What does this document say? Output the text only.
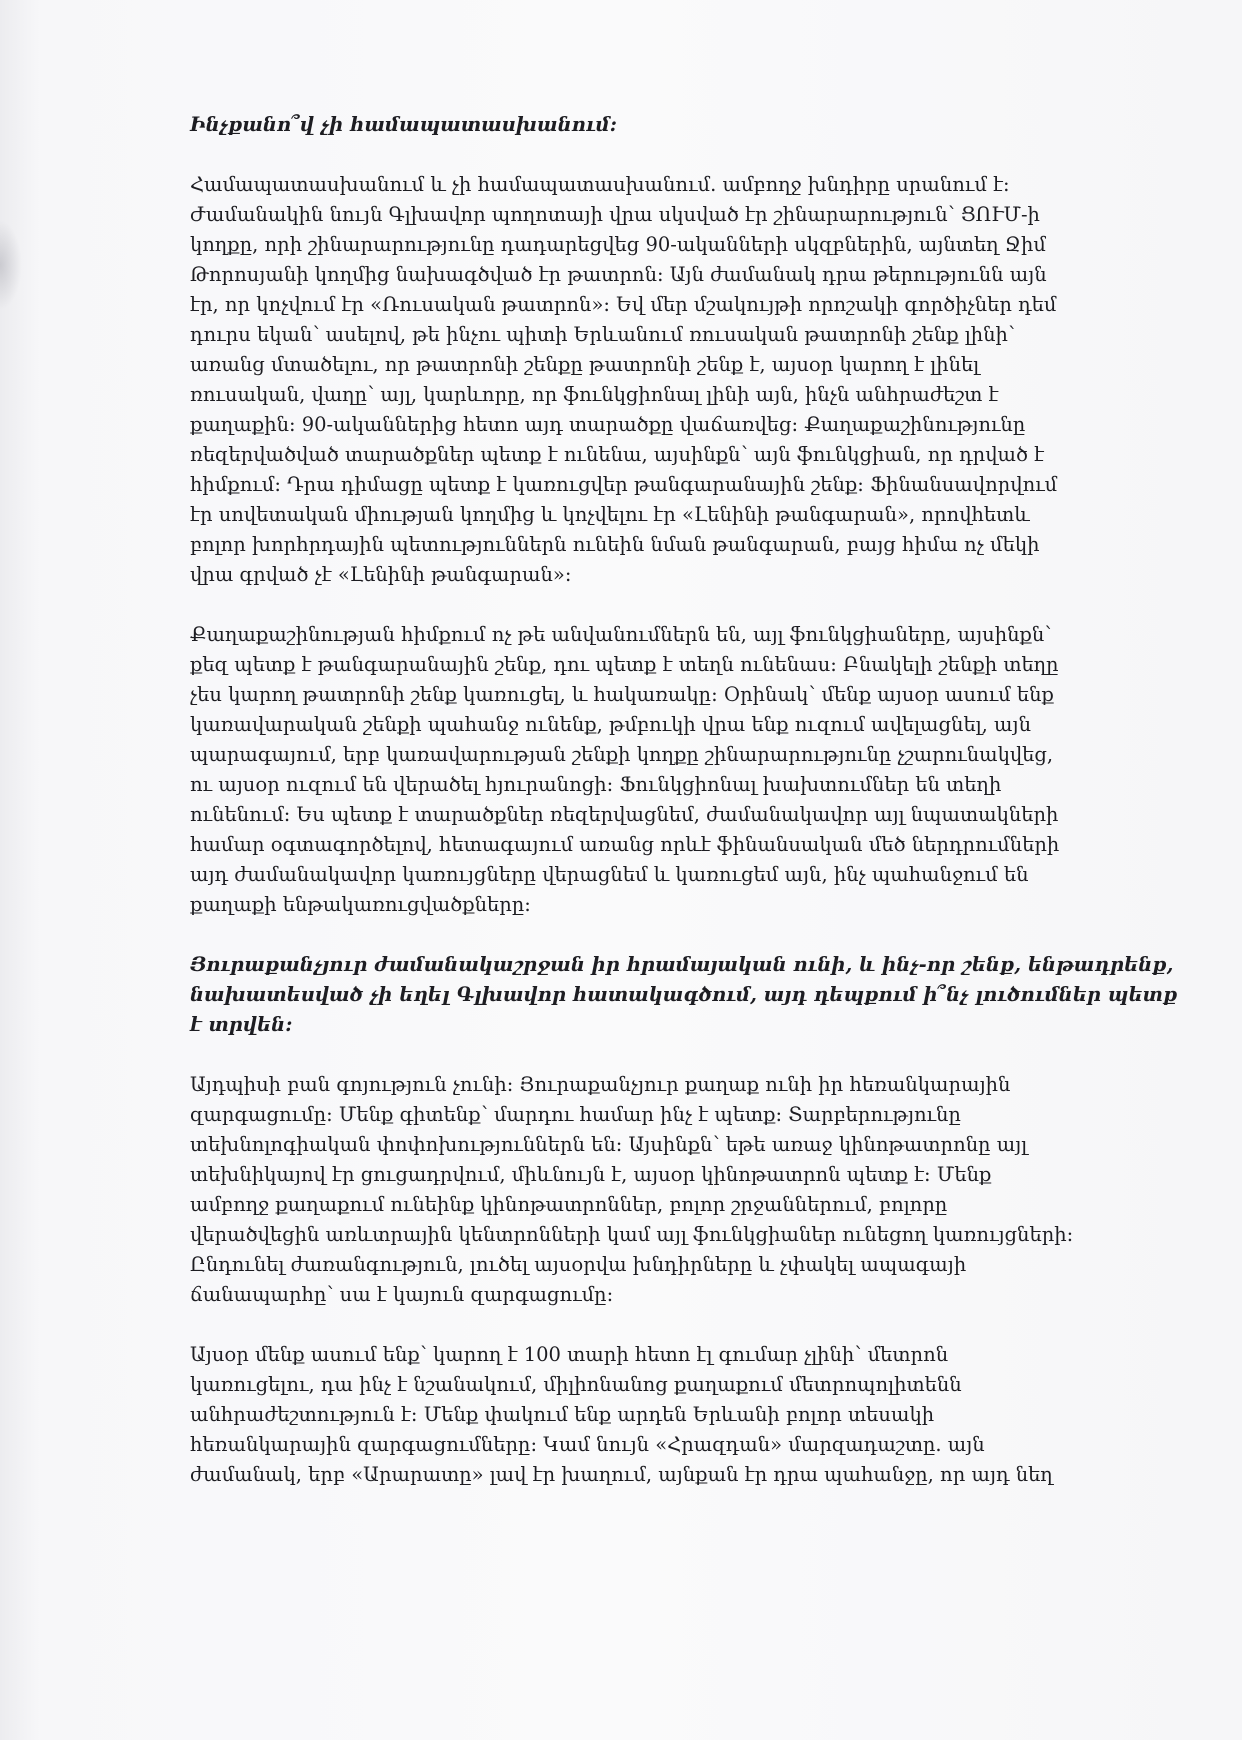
Ինչքանո՞վ չի համապատասխանում:

Համապատասխանում և չի համապատասխանում. ամբողջ խնդիրը սրանում է:

Ժամանակին նույն Գլխավոր պողոտայի վրա սկսված էր շինարարություն՝ ՑՈՒՄ-ի

կողքը, որի շինարարությունը դադարեցվեց 90-ականների սկզբներին, այնտեղ Ջիմ

Թորոսյանի կողմից նախագծված էր թատրոն: Այն ժամանակ դրա թերությունն այն

էր, որ կոչվում էր «Ռուսական թատրոն»: Եվ մեր մշակույթի որոշակի գործիչներ դեմ

դուրս եկան՝ ասելով, թե ինչու պիտի Երևանում ռուսական թատրոնի շենք լինի՝

առանց մտածելու, որ թատրոնի շենքը թատրոնի շենք է, այսօր կարող է լինել

ռուսական, վաղը՝ այլ, կարևորը, որ ֆունկցիոնալ լինի այն, ինչն անհրաժեշտ է

քաղաքին: 90-ականներից հետո այդ տարածքը վաճառվեց: Քաղաքաշինությունը

ռեզերվածված տարածքներ պետք է ունենա, այսինքն՝ այն ֆունկցիան, որ դրված է

հիմքում: Դրա դիմացը պետք է կառուցվեր թանգարանային շենք: Ֆինանսավորվում

էր սովետական միության կողմից և կոչվելու էր «Լենինի թանգարան», որովհետև

բոլոր խորհրդային պետություններն ունեին նման թանգարան, բայց հիմա ոչ մեկի

վրա գրված չէ «Լենինի թանգարան»:

Քաղաքաշինության հիմքում ոչ թե անվանումներն են, այլ ֆունկցիաները, այսինքն՝

քեզ պետք է թանգարանային շենք, դու պետք է տեղն ունենաս: Բնակելի շենքի տեղը

չես կարող թատրոնի շենք կառուցել, և հակառակը: Օրինակ՝ մենք այսօր ասում ենք

կառավարական շենքի պահանջ ունենք, թմբուկի վրա ենք ուզում ավելացնել, այն

պարագայում, երբ կառավարության շենքի կողքը շինարարությունը չշարունակվեց,

ու այսօր ուզում են վերածել հյուրանոցի: Ֆունկցիոնալ խախտումներ են տեղի

ունենում: Ես պետք է տարածքներ ռեզերվացնեմ, ժամանակավոր այլ նպատակների

համար օգտագործելով, հետագայում առանց որևէ ֆինանսական մեծ ներդրումների

այդ ժամանակավոր կառույցները վերացնեմ և կառուցեմ այն, ինչ պահանջում են

քաղաքի ենթակառուցվածքները:

Յուրաքանչյուր ժամանակաշրջան իր հրամայական ունի, և ինչ-որ շենք, ենթադրենք,

նախատեսված չի եղել Գլխավոր հատակագծում, այդ դեպքում ի՞նչ լուծումներ պետք

է տրվեն:

Այդպիսի բան գոյություն չունի: Յուրաքանչյուր քաղաք ունի իր հեռանկարային

զարգացումը: Մենք գիտենք՝ մարդու համար ինչ է պետք: Տարբերությունը

տեխնոլոգիական փոփոխություններն են: Այսինքն՝ եթե առաջ կինոթատրոնը այլ

տեխնիկայով էր ցուցադրվում, միևնույն է, այսօր կինոթատրոն պետք է: Մենք

ամբողջ քաղաքում ունեինք կինոթատրոններ, բոլոր շրջաններում, բոլորը

վերածվեցին առևտրային կենտրոնների կամ այլ ֆունկցիաներ ունեցող կառույցների:

Ընդունել ժառանգություն, լուծել այսօրվա խնդիրները և չփակել ապագայի

ճանապարհը՝ սա է կայուն զարգացումը:

Այսօր մենք ասում ենք՝ կարող է 100 տարի հետո էլ գումար չլինի՝ մետրոն

կառուցելու, դա ինչ է նշանակում, միլիոնանոց քաղաքում մետրոպոլիտենն

անհրաժեշտություն է: Մենք փակում ենք արդեն Երևանի բոլոր տեսակի

հեռանկարային զարգացումները: Կամ նույն «Հրազդան» մարզադաշտը. այն

ժամանակ, երբ «Արարատը» լավ էր խաղում, այնքան էր դրա պահանջը, որ այդ նեղ
